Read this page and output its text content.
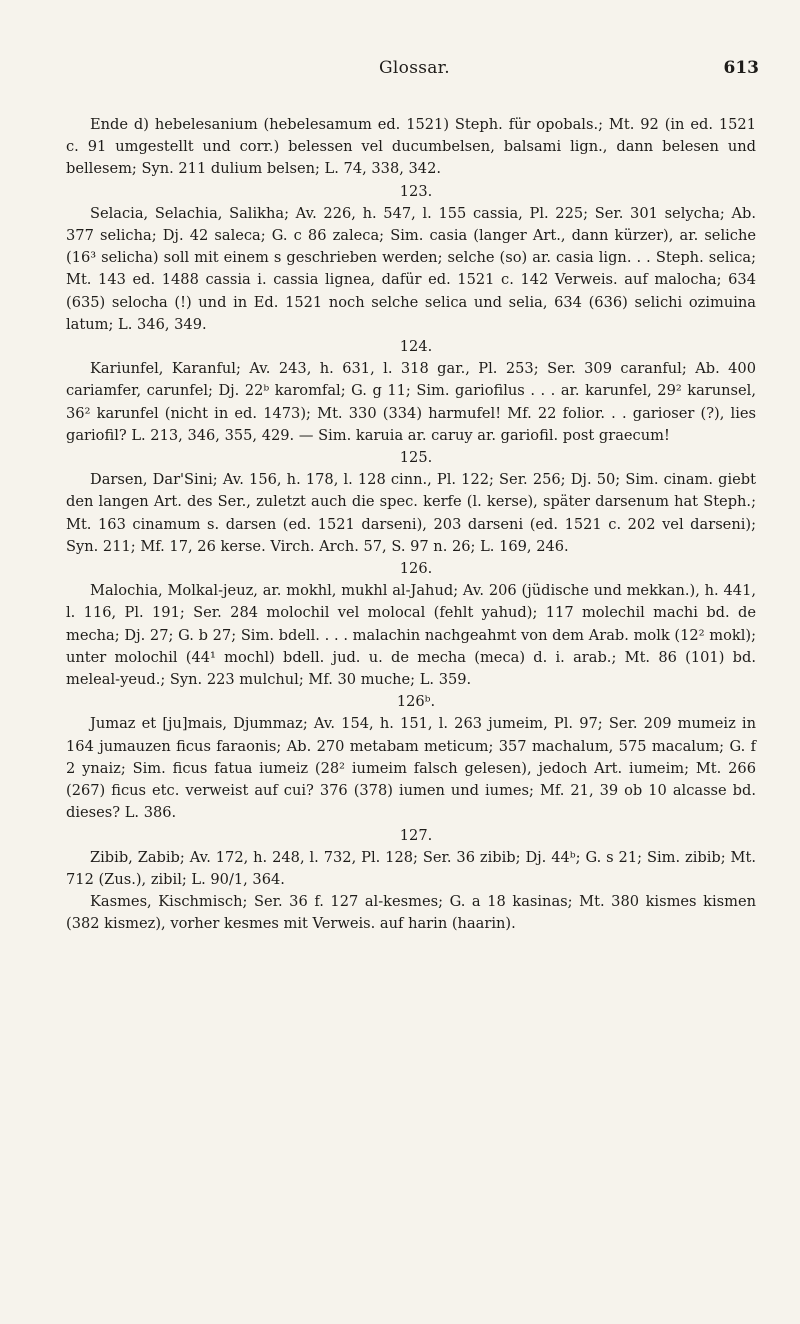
Glossar.	613

Ende d) hebelesanium (hebelesamum ed. 1521) Steph. für opobals.; Mt. 92 (in ed. 1521 c. 91 umgestellt und corr.) belessen vel ducumbelsen, balsami lign., dann belesen und bellesem; Syn. 211 dulium belsen; L. 74, 338, 342.

123.

Selacia, Selachia, Salikha; Av. 226, h. 547, l. 155 cassia, Pl. 225; Ser. 301 selycha; Ab. 377 selicha; Dj. 42 saleca; G. c 86 zaleca; Sim. casia (langer Art., dann kürzer), ar. seliche (16³ selicha) soll mit einem s geschrieben werden; selche (so) ar. casia lign. . . Steph. selica; Mt. 143 ed. 1488 cassia i. cassia lignea, dafür ed. 1521 c. 142 Verweis. auf malocha; 634 (635) selocha (!) und in Ed. 1521 noch selche selica und selia, 634 (636) selichi ozimuina latum; L. 346, 349.

124.

Kariunfel, Karanful; Av. 243, h. 631, l. 318 gar., Pl. 253; Ser. 309 caranful; Ab. 400 cariamfer, carunfel; Dj. 22ᵇ karomfal; G. g 11; Sim. gariofilus . . . ar. karunfel, 29² karunsel, 36² karunfel (nicht in ed. 1473); Mt. 330 (334) harmufel! Mf. 22 folior. . . garioser (?), lies gariofil? L. 213, 346, 355, 429. — Sim. karuia ar. caruy ar. gariofil. post graecum!

125.

Darsen, Dar'Sini; Av. 156, h. 178, l. 128 cinn., Pl. 122; Ser. 256; Dj. 50; Sim. cinam. giebt den langen Art. des Ser., zuletzt auch die spec. kerfe (l. kerse), später darsenum hat Steph.; Mt. 163 cinamum s. darsen (ed. 1521 darseni), 203 darseni (ed. 1521 c. 202 vel darseni); Syn. 211; Mf. 17, 26 kerse. Virch. Arch. 57, S. 97 n. 26; L. 169, 246.

126.

Malochia, Molkal-jeuz, ar. mokhl, mukhl al-Jahud; Av. 206 (jüdische und mekkan.), h. 441, l. 116, Pl. 191; Ser. 284 molochil vel molocal (fehlt yahud); 117 molechil machi bd. de mecha; Dj. 27; G. b 27; Sim. bdell. . . . malachin nachgeahmt von dem Arab. molk (12² mokl); unter molochil (44¹ mochl) bdell. jud. u. de mecha (meca) d. i. arab.; Mt. 86 (101) bd. meleal-yeud.; Syn. 223 mulchul; Mf. 30 muche; L. 359.

126ᵇ.

Jumaz et [ju]mais, Djummaz; Av. 154, h. 151, l. 263 jumeim, Pl. 97; Ser. 209 mumeiz in 164 jumauzen ficus faraonis; Ab. 270 metabam meticum; 357 machalum, 575 macalum; G. f 2 ynaiz; Sim. ficus fatua iumeiz (28² iumeim falsch gelesen), jedoch Art. iumeim; Mt. 266 (267) ficus etc. verweist auf cui? 376 (378) iumen und iumes; Mf. 21, 39 ob 10 alcasse bd. dieses? L. 386.

127.

Zibib, Zabib; Av. 172, h. 248, l. 732, Pl. 128; Ser. 36 zibib; Dj. 44ᵇ; G. s 21; Sim. zibib; Mt. 712 (Zus.), zibil; L. 90/1, 364.

Kasmes, Kischmisch; Ser. 36 f. 127 al-kesmes; G. a 18 kasinas; Mt. 380 kismes kismen (382 kismez), vorher kesmes mit Verweis. auf harin (haarin).
